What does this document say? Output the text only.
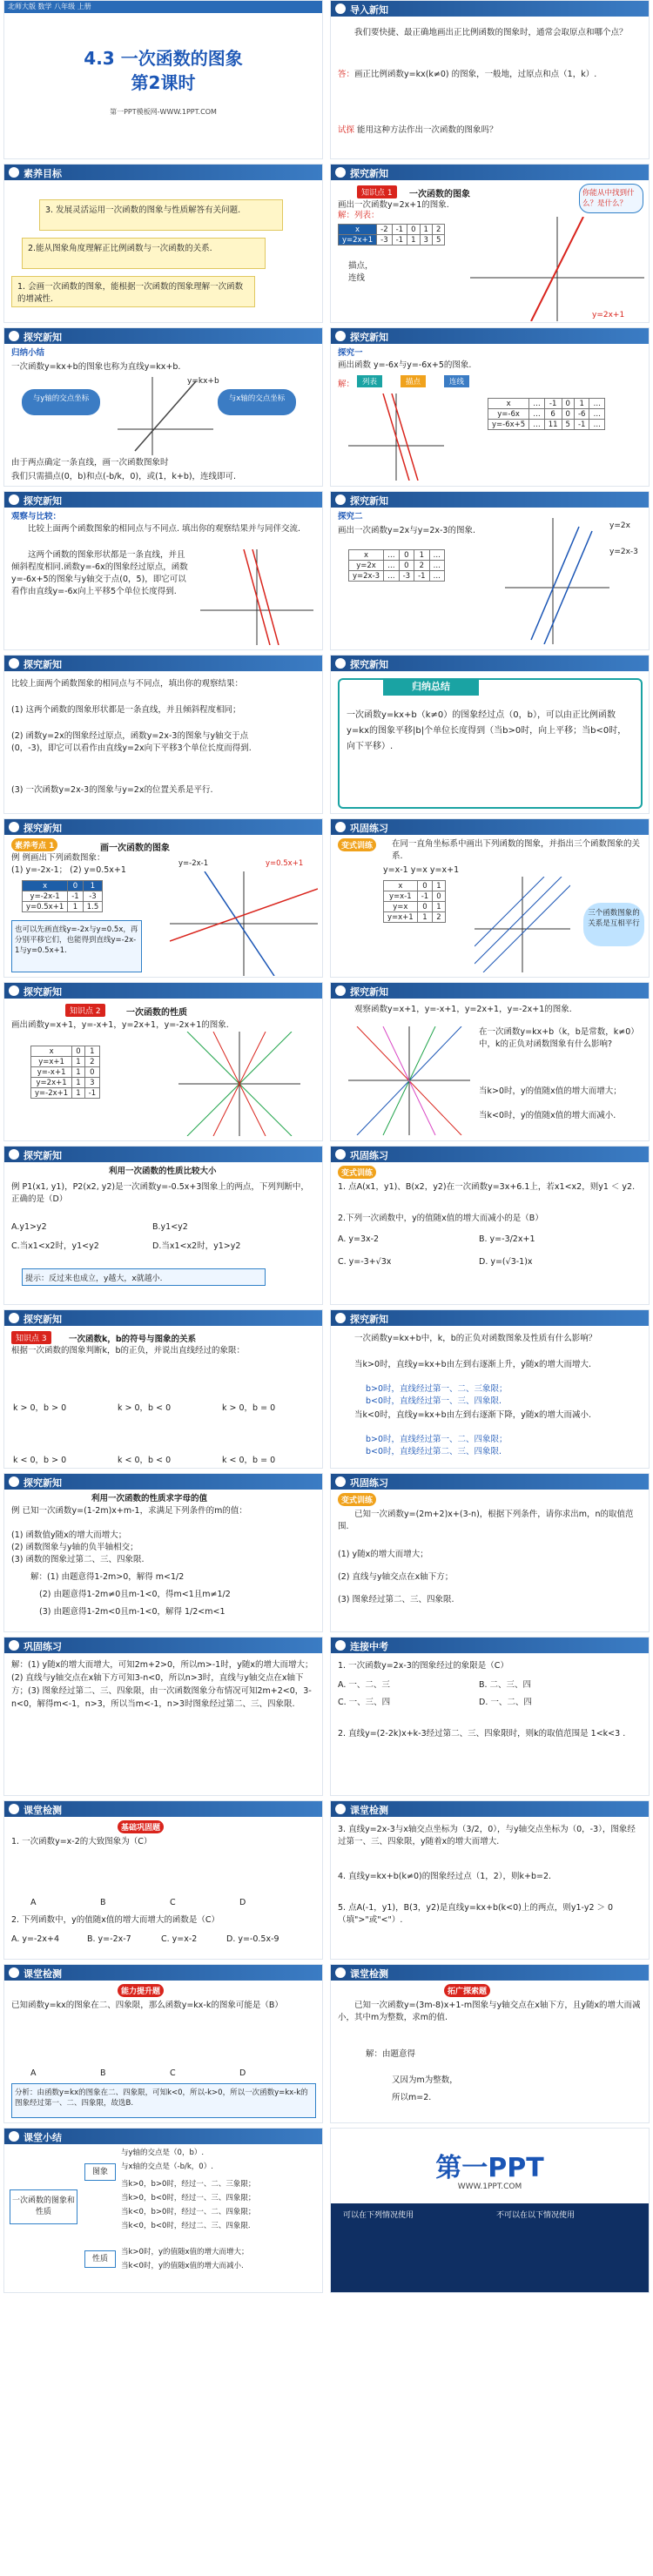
北师大版 数学 八年级 上册
4.3 一次函数的图象
第2课时
第一PPT模板网-WWW.1PPT.COM
导入新知
我们要快捷、最正确地画出正比例函数的图象时，通常会取原点和哪个点？
答：画正比例函数y=kx(k≠0) 的图象，一般地，过原点和点（1，k）.
试探 能用这种方法作出一次函数的图象吗？
素养目标
3. 发展灵活运用一次函数的图象与性质解答有关问题.
2.能从图象角度理解正比例函数与一次函数的关系.
1. 会画一次函数的图象，能根据一次函数的图象理解一次函数的增减性.
探究新知
知识点 1	一次函数的图象
画出一次函数y=2x+1的图象.
解：列表：
x	-2	-1	0	1	2
y=2x+1	-3	-1	1	3	5
描点，
连线
你能从中找到什么？是什么？
y=2x+1
探究新知
归纳小结
一次函数y=kx+b的图象也称为直线y=kx+b.
与y轴的交点坐标	与x轴的交点坐标
y=kx+b
由于两点确定一条直线，画一次函数图象时
我们只需描点(0，b)和点(-b/k，0)，或(1，k+b)，连线即可.
探究新知
探究一
画出函数 y=-6x与y=-6x+5的图象.
解：	列表	描点	连线
x	…	-1	0	1	…
y=-6x	…	6	0	-6	…
y=-6x+5	…	11	5	-1	…
探究新知
观察与比较：
比较上面两个函数图象的相同点与不同点. 填出你的观察结果并与同伴交流.
这两个函数的图象形状都是一条直线，并且倾斜程度相同.函数y=-6x的图象经过原点，函数y=-6x+5的图象与y轴交于点(0，5)，即它可以看作由直线y=-6x向上平移5个单位长度得到.
探究新知
探究二
画出一次函数y=2x与y=2x-3的图象.
x	…	0	1	…
y=2x	…	0	2	…
y=2x-3	…	-3	-1	…
y=2x
y=2x-3
探究新知
比较上面两个函数图象的相同点与不同点，填出你的观察结果：
(1) 这两个函数的图象形状都是一条直线，并且倾斜程度相同；
(2) 函数y=2x的图象经过原点，函数y=2x-3的图象与y轴交于点(0，-3)，即它可以看作由直线y=2x向下平移3个单位长度而得到.
(3) 一次函数y=2x-3的图象与y=2x的位置关系是平行.
探究新知
归纳总结
一次函数y=kx+b（k≠0）的图象经过点（0，b），可以由正比例函数y=kx的图象平移|b|个单位长度得到（当b>0时，向上平移；当b<0时，向下平移）.
探究新知
素养考点 1	画一次函数的图象
例 例画出下列函数图象：
(1) y=-2x-1； (2) y=0.5x+1
x	0	1
y=-2x-1	-1	-3
y=0.5x+1	1	1.5
也可以先画直线y=-2x与y=0.5x，再分别平移它们，也能得到直线y=-2x-1与y=0.5x+1.
y=-2x-1	y=0.5x+1
巩固练习
变式训练	在同一直角坐标系中画出下列函数的图象，并指出三个函数图象的关系.
y=x-1 y=x y=x+1
x	0	1
y=x-1	-1	0
y=x	0	1
y=x+1	1	2	三个函数图象的关系是互相平行
探究新知
知识点 2	一次函数的性质
画出函数y=x+1，y=-x+1，y=2x+1，y=-2x+1的图象.
x	0	1
y=x+1	1	2
y=-x+1	1	0
y=2x+1	1	3
y=-2x+1	1	-1
探究新知
观察函数y=x+1，y=-x+1，y=2x+1，y=-2x+1的图象.
在一次函数y=kx+b（k，b是常数，k≠0）中，k的正负对函数图象有什么影响?
当k>0时，y的值随x值的增大而增大；
当k<0时，y的值随x值的增大而减小.
探究新知
利用一次函数的性质比较大小
例 P1(x1, y1)，P2(x2, y2)是一次函数y=-0.5x+3图象上的两点，下列判断中，正确的是（D）
A.y1>y2	B.y1<y2
C.当x1<x2时，y1<y2	D.当x1<x2时，y1>y2
提示：反过来也成立，y越大，x就越小.
巩固练习
变式训练
1. 点A(x1，y1)、B(x2，y2)在一次函数y=3x+6.1上，若x1<x2，则y1 ＜ y2.
2.下列一次函数中，y的值随x值的增大而减小的是（B）
A. y=3x-2	B. y=-3/2x+1
C. y=-3+√3x	D. y=(√3-1)x
探究新知
知识点 3	一次函数k，b的符号与图象的关系
根据一次函数的图象判断k，b的正负，并说出直线经过的象限：
k > 0，b > 0	k > 0，b < 0	k > 0，b = 0
k < 0，b > 0	k < 0，b < 0	k < 0，b = 0
探究新知
一次函数y=kx+b中，k，b的正负对函数图象及性质有什么影响？
当k>0时，直线y=kx+b由左到右逐渐上升，y随x的增大而增大.
b>0时，直线经过第一、二、三象限；
b<0时，直线经过第一、三、四象限.
当k<0时，直线y=kx+b由左到右逐渐下降，y随x的增大而减小.
b>0时，直线经过第一、二、四象限；
b<0时，直线经过第二、三、四象限.
探究新知
利用一次函数的性质求字母的值
例 已知一次函数y=(1-2m)x+m-1，求满足下列条件的m的值：
(1) 函数值y随x的增大而增大；
(2) 函数图象与y轴的负半轴相交；
(3) 函数的图象过第二、三、四象限.
解：(1) 由题意得1-2m>0，解得 m<1/2
(2) 由题意得1-2m≠0且m-1<0，得m<1且m≠1/2
(3) 由题意得1-2m<0且m-1<0，解得 1/2<m<1
巩固练习
变式训练
已知一次函数y=(2m+2)x+(3-n)，根据下列条件，请你求出m，n的取值范围.
(1) y随x的增大而增大；
(2) 直线与y轴交点在x轴下方；
(3) 图象经过第二、三、四象限.
巩固练习
解：(1) y随x的增大而增大，可知2m+2>0，所以m>-1时，y随x的增大而增大；(2) 直线与y轴交点在x轴下方可知3-n<0，所以n>3时，直线与y轴交点在x轴下方；(3) 图象经过第二、三、四象限，由一次函数图象分布情况可知2m+2<0，3-n<0，解得m<-1，n>3，所以当m<-1，n>3时图象经过第二、三、四象限.
连接中考
1. 一次函数y=2x-3的图象经过的象限是（C）
A. 一、二、三	B. 二、三、四
C. 一、三、四	D. 一、二、四
2. 直线y=(2-2k)x+k-3经过第二、三、四象限时，则k的取值范围是 1<k<3 .
课堂检测
基础巩固题
1. 一次函数y=x-2的大致图象为（C）
A	B	C	D
2. 下列函数中，y的值随x值的增大而增大的函数是（C）
A. y=-2x+4	B. y=-2x-7	C. y=x-2	D. y=-0.5x-9
课堂检测
3. 直线y=2x-3与x轴交点坐标为（3/2，0），与y轴交点坐标为（0，-3），图象经过第一、三、四象限，y随着x的增大而增大.
4. 直线y=kx+b(k≠0)的图象经过点（1，2），则k+b=2.
5. 点A(-1，y1)，B(3，y2)是直线y=kx+b(k<0)上的两点，则y1-y2 ＞ 0（填">"或"<"）.
课堂检测
能力提升题
已知函数y=kx的图象在二、四象限，那么函数y=kx-k的图象可能是（B）
A	B	C	D
分析：由函数y=kx的图象在二、四象限，可知k<0，所以-k>0，所以一次函数y=kx-k的图象经过第一、二、四象限，故选B.
课堂检测
拓广探索题
已知一次函数y=(3m-8)x+1-m图象与y轴交点在x轴下方，且y随x的增大而减小，其中m为整数，求m的值.
解：由题意得
又因为m为整数，
所以m=2.
课堂小结
一次函数的图象和性质
图象
性质
与y轴的交点是（0，b）.
与x轴的交点是（-b/k，0）.
当k>0，b>0时，经过一、二、三象限；
当k>0，b<0时，经过一、三、四象限；
当k<0，b>0时，经过一、二、四象限；
当k<0，b<0时，经过二、三、四象限.
当k>0时，y的值随x值的增大而增大；
当k<0时，y的值随x值的增大而减小.
第一PPT
WWW.1PPT.COM
可以在下列情况使用	不可以在以下情况使用
